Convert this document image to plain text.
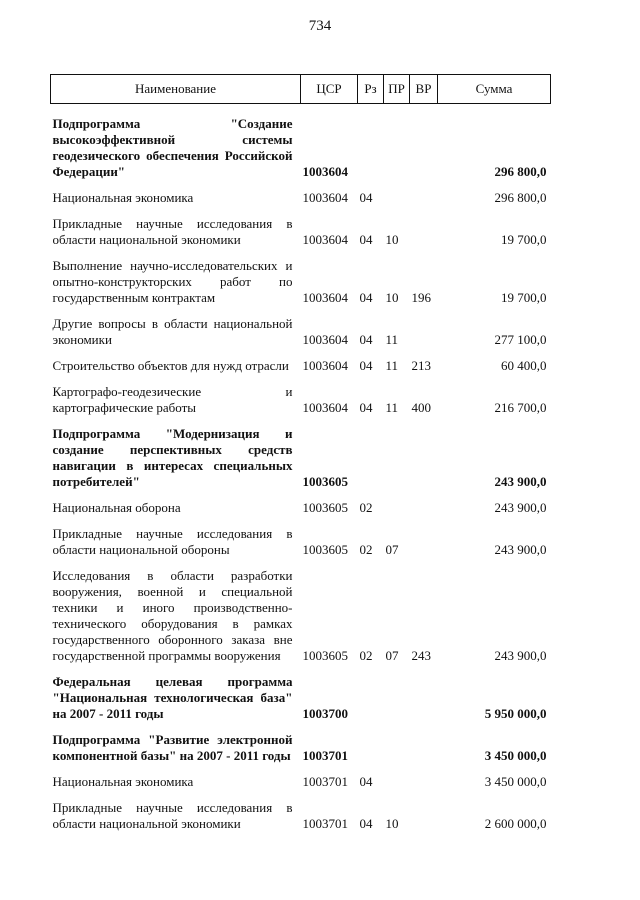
734
Наименование	ЦСР	Рз	ПР	ВР	Сумма
Подпрограмма "Создание высокоэффективной системы геодезического обеспечения Российской Федерации"	1003604				296 800,0
Национальная экономика	1003604	04			296 800,0
Прикладные научные исследования в области национальной экономики	1003604	04	10		19 700,0
Выполнение научно-исследовательских и опытно-конструкторских работ по государственным контрактам	1003604	04	10	196	19 700,0
Другие вопросы в области национальной экономики	1003604	04	11		277 100,0
Строительство объектов для нужд отрасли	1003604	04	11	213	60 400,0
Картографо-геодезические и картографические работы	1003604	04	11	400	216 700,0
Подпрограмма "Модернизация и создание перспективных средств навигации в интересах специальных потребителей"	1003605				243 900,0
Национальная оборона	1003605	02			243 900,0
Прикладные научные исследования в области национальной обороны	1003605	02	07		243 900,0
Исследования в области разработки вооружения, военной и специальной техники и иного производственно-технического оборудования в рамках государственного оборонного заказа вне государственной программы вооружения	1003605	02	07	243	243 900,0
Федеральная целевая программа "Национальная технологическая база" на 2007 - 2011 годы	1003700				5 950 000,0
Подпрограмма "Развитие электронной компонентной базы" на 2007 - 2011 годы	1003701				3 450 000,0
Национальная экономика	1003701	04			3 450 000,0
Прикладные научные исследования в области национальной экономики	1003701	04	10		2 600 000,0
